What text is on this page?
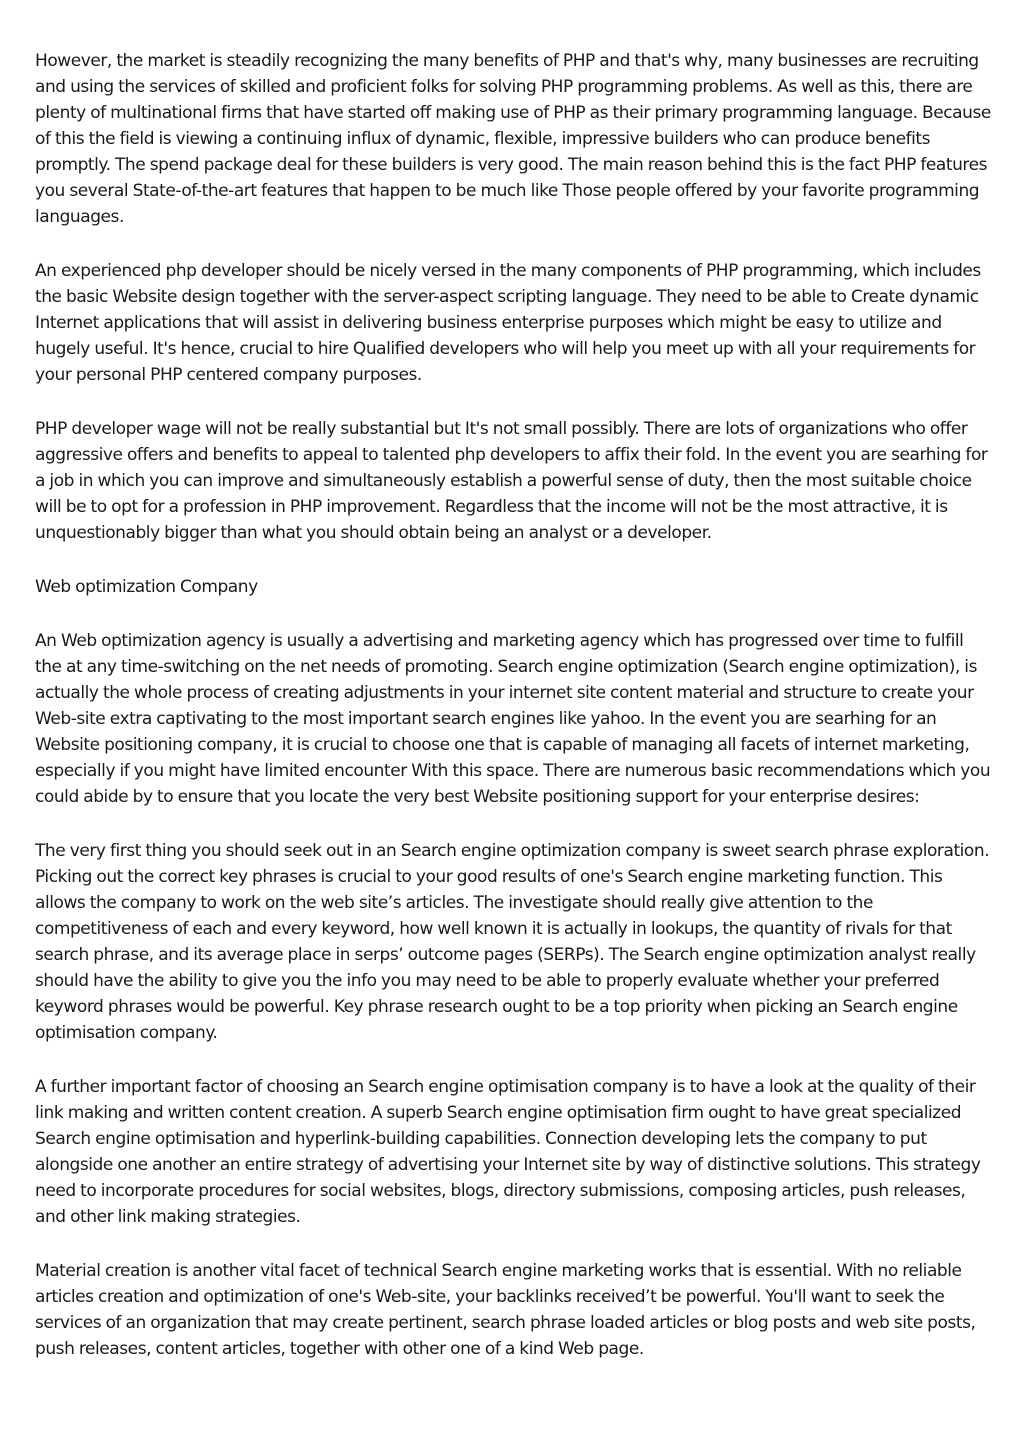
However, the market is steadily recognizing the many benefits of PHP and that's why, many businesses are recruiting and using the services of skilled and proficient folks for solving PHP programming problems. As well as this, there are plenty of multinational firms that have started off making use of PHP as their primary programming language. Because of this the field is viewing a continuing influx of dynamic, flexible, impressive builders who can produce benefits promptly. The spend package deal for these builders is very good. The main reason behind this is the fact PHP features you several State-of-the-art features that happen to be much like Those people offered by your favorite programming languages.

An experienced php developer should be nicely versed in the many components of PHP programming, which includes the basic Website design together with the server-aspect scripting language. They need to be able to Create dynamic Internet applications that will assist in delivering business enterprise purposes which might be easy to utilize and hugely useful. It's hence, crucial to hire Qualified developers who will help you meet up with all your requirements for your personal PHP centered company purposes.

PHP developer wage will not be really substantial but It's not small possibly. There are lots of organizations who offer aggressive offers and benefits to appeal to talented php developers to affix their fold. In the event you are searhing for a job in which you can improve and simultaneously establish a powerful sense of duty, then the most suitable choice will be to opt for a profession in PHP improvement. Regardless that the income will not be the most attractive, it is unquestionably bigger than what you should obtain being an analyst or a developer.

Web optimization Company

An Web optimization agency is usually a advertising and marketing agency which has progressed over time to fulfill the at any time-switching on the net needs of promoting. Search engine optimization (Search engine optimization), is actually the whole process of creating adjustments in your internet site content material and structure to create your Web-site extra captivating to the most important search engines like yahoo. In the event you are searhing for an Website positioning company, it is crucial to choose one that is capable of managing all facets of internet marketing, especially if you might have limited encounter With this space. There are numerous basic recommendations which you could abide by to ensure that you locate the very best Website positioning support for your enterprise desires:

The very first thing you should seek out in an Search engine optimization company is sweet search phrase exploration. Picking out the correct key phrases is crucial to your good results of one's Search engine marketing function. This allows the company to work on the web site’s articles. The investigate should really give attention to the competitiveness of each and every keyword, how well known it is actually in lookups, the quantity of rivals for that search phrase, and its average place in serps’ outcome pages (SERPs). The Search engine optimization analyst really should have the ability to give you the info you may need to be able to properly evaluate whether your preferred keyword phrases would be powerful. Key phrase research ought to be a top priority when picking an Search engine optimisation company.

A further important factor of choosing an Search engine optimisation company is to have a look at the quality of their link making and written content creation. A superb Search engine optimisation firm ought to have great specialized Search engine optimisation and hyperlink-building capabilities. Connection developing lets the company to put alongside one another an entire strategy of advertising your Internet site by way of distinctive solutions. This strategy need to incorporate procedures for social websites, blogs, directory submissions, composing articles, push releases, and other link making strategies.

Material creation is another vital facet of technical Search engine marketing works that is essential. With no reliable articles creation and optimization of one's Web-site, your backlinks received’t be powerful. You'll want to seek the services of an organization that may create pertinent, search phrase loaded articles or blog posts and web site posts, push releases, content articles, together with other one of a kind Web page.
